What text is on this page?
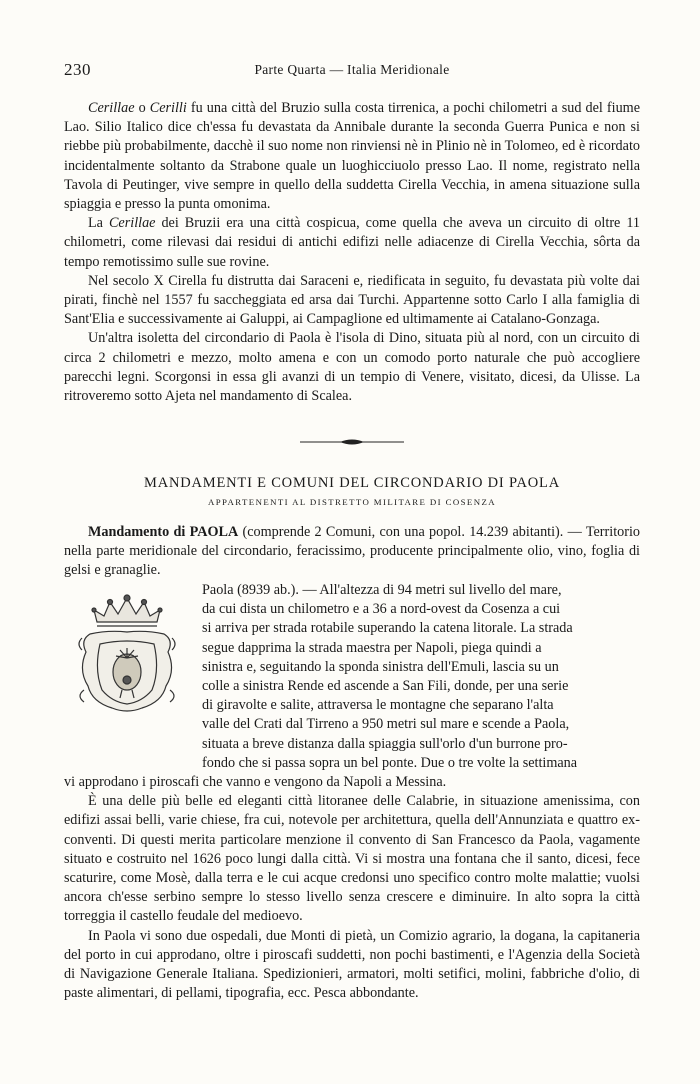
230	Parte Quarta — Italia Meridionale

Cerillae o Cerilli fu una città del Bruzio sulla costa tirrenica, a pochi chilometri a sud del fiume Lao. Silio Italico dice ch'essa fu devastata da Annibale durante la seconda Guerra Punica e non si riebbe più probabilmente, dacchè il suo nome non rinviensi nè in Plinio nè in Tolomeo, ed è ricordato incidentalmente soltanto da Strabone quale un luoghicciuolo presso Lao. Il nome, registrato nella Tavola di Peutinger, vive sempre in quello della suddetta Cirella Vecchia, in amena situazione sulla spiaggia e presso la punta omonima.

La Cerillae dei Bruzii era una città cospicua, come quella che aveva un circuito di oltre 11 chilometri, come rilevasi dai residui di antichi edifizi nelle adiacenze di Cirella Vecchia, sôrta da tempo remotissimo sulle sue rovine.

Nel secolo X Cirella fu distrutta dai Saraceni e, riedificata in seguito, fu devastata più volte dai pirati, finchè nel 1557 fu saccheggiata ed arsa dai Turchi. Appartenne sotto Carlo I alla famiglia di Sant'Elia e successivamente ai Galuppi, ai Campaglione ed ultimamente ai Catalano-Gonzaga.

Un'altra isoletta del circondario di Paola è l'isola di Dino, situata più al nord, con un circuito di circa 2 chilometri e mezzo, molto amena e con un comodo porto naturale che può accogliere parecchi legni. Scorgonsi in essa gli avanzi di un tempio di Venere, visitato, dicesi, da Ulisse. La ritroveremo sotto Ajeta nel mandamento di Scalea.

MANDAMENTI E COMUNI DEL CIRCONDARIO DI PAOLA
APPARTENENTI AL DISTRETTO MILITARE DI COSENZA

Mandamento di PAOLA (comprende 2 Comuni, con una popol. 14.239 abitanti). — Territorio nella parte meridionale del circondario, feracissimo, producente principalmente olio, vino, foglia di gelsi e granaglie.

Paola (8939 ab.). — All'altezza di 94 metri sul livello del mare,

da cui dista un chilometro e a 36 a nord-ovest da Cosenza a cui

si arriva per strada rotabile superando la catena litorale. La strada

segue dapprima la strada maestra per Napoli, piega quindi a

sinistra e, seguitando la sponda sinistra dell'Emuli, lascia su un

colle a sinistra Rende ed ascende a San Fili, donde, per una serie

di giravolte e salite, attraversa le montagne che separano l'alta

valle del Crati dal Tirreno a 950 metri sul mare e scende a Paola,

situata a breve distanza dalla spiaggia sull'orlo d'un burrone pro-

fondo che si passa sopra un bel ponte. Due o tre volte la settimana

vi approdano i piroscafi che vanno e vengono da Napoli a Messina.

È una delle più belle ed eleganti città litoranee delle Calabrie, in situazione amenissima, con edifizi assai belli, varie chiese, fra cui, notevole per architettura, quella dell'Annunziata e quattro ex-conventi. Di questi merita particolare menzione il convento di San Francesco da Paola, vagamente situato e costruito nel 1626 poco lungi dalla città. Vi si mostra una fontana che il santo, dicesi, fece scaturire, come Mosè, dalla terra e le cui acque credonsi uno specifico contro molte malattie; vuolsi ancora ch'esse serbino sempre lo stesso livello senza crescere e diminuire. In alto sopra la città torreggia il castello feudale del medioevo.

In Paola vi sono due ospedali, due Monti di pietà, un Comizio agrario, la dogana, la capitaneria del porto in cui approdano, oltre i piroscafi suddetti, non pochi bastimenti, e l'Agenzia della Società di Navigazione Generale Italiana. Spedizionieri, armatori, molti setifici, molini, fabbriche d'olio, di paste alimentari, di pellami, tipografia, ecc. Pesca abbondante.
